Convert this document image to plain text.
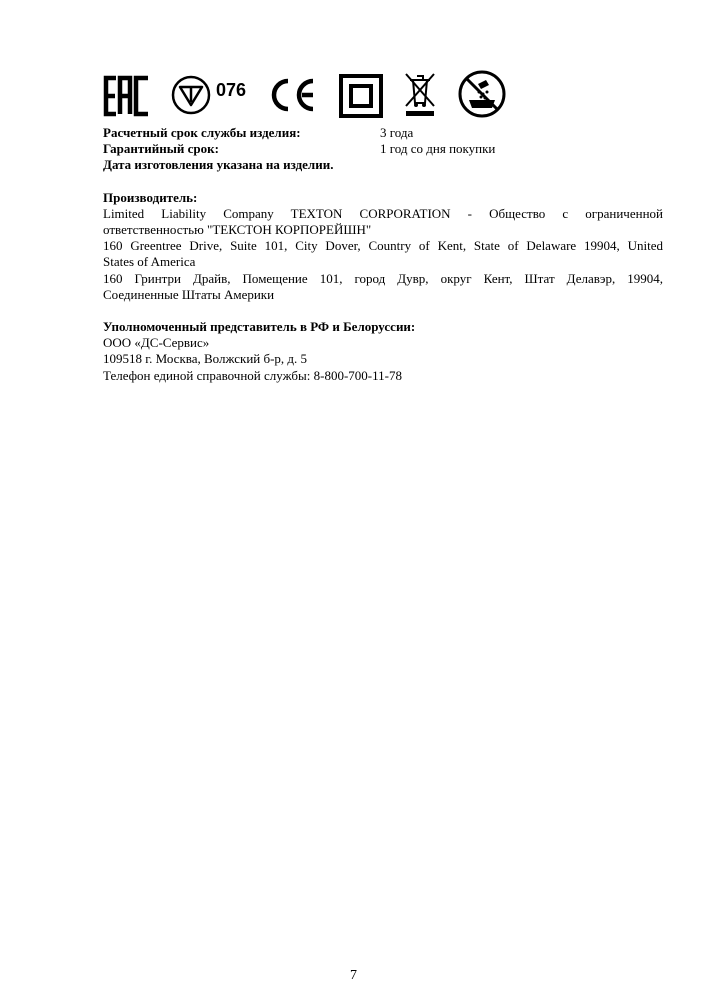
076
Расчетный срок службы изделия:	3 года
Гарантийный срок:	1 год со дня покупки
Дата изготовления указана на изделии.
Производитель:
Limited Liability Company TEXTON CORPORATION - Общество с ограниченной
ответственностью "ТЕКСТОН КОРПОРЕЙШН"
160 Greentree Drive, Suite 101, City Dover, Country of Kent, State of Delaware 19904, United
States of America
160 Гринтри Драйв, Помещение 101, город Дувр, округ Кент, Штат Делавэр, 19904,
Соединенные Штаты Америки
Уполномоченный представитель в РФ и Белоруссии:
ООО «ДС-Сервис»
109518 г. Москва, Волжский б-р, д. 5
Телефон единой справочной службы: 8-800-700-11-78
7
